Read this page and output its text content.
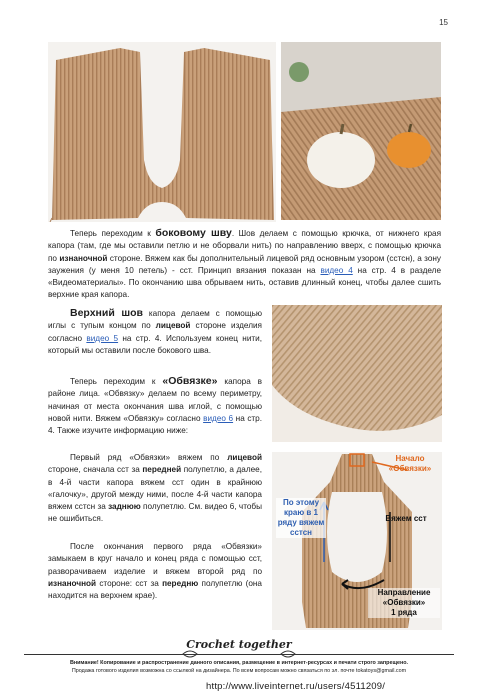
15
Начало
«Обвязки»
По этому
краю в 1
ряду вяжем
сстсн
Вяжем сст
Направление
«Обвязки»
1 ряда

Теперь переходим к боковому шву. Шов делаем с помощью крючка, от нижнего края капора (там, где мы оставили петлю и не оборвали нить) по направлению вверх, с помощью крючка по изнаночной стороне. Вяжем как бы дополнительный лицевой ряд основным узором (сстсн), а зону заужения (у меня 10 петель) - сст. Принцип вязания показан на видео 4 на стр. 4 в разделе «Видеоматериалы». По окончанию шва обрываем нить, оставив длинный конец, чтобы далее сшить верхние края капора.

Верхний шов капора делаем с помощью иглы с тупым концом по лицевой стороне изделия согласно видео 5 на стр. 4. Используем конец нити, который мы оставили после бокового шва.

Теперь переходим к «Обвязке» капора в районе лица. «Обвязку» делаем по всему периметру, начиная от места окончания шва иглой, с помощью новой нити. Вяжем «Обвязку» согласно видео 6 на стр. 4. Также изучите информацию ниже:

Первый ряд «Обвязки» вяжем по лицевой стороне, сначала сст за передней полупетлю, а далее, в 4-й части капора вяжем сст один в крайнюю «галочку», другой между ними, после 4-й части капора вяжем сстсн за заднюю полупетлю. См. видео 6, чтобы не ошибиться.

После окончания первого ряда «Обвязки» замыкаем в круг начало и конец ряда с помощью сст, разворачиваем изделие и вяжем второй ряд по изнаночной стороне: сст за передню полупетлю (она находится на верхнем крае).

Crochet together
Внимание! Копирование и распространение данного описания, размещение в интернет-ресурсах и печати строго запрещено.
Продажа готового изделия возможна со ссылкой на дизайнера. По всем вопросам можно связаться по эл. почте tokatoys@gmail.com
http://www.liveinternet.ru/users/4511209/
